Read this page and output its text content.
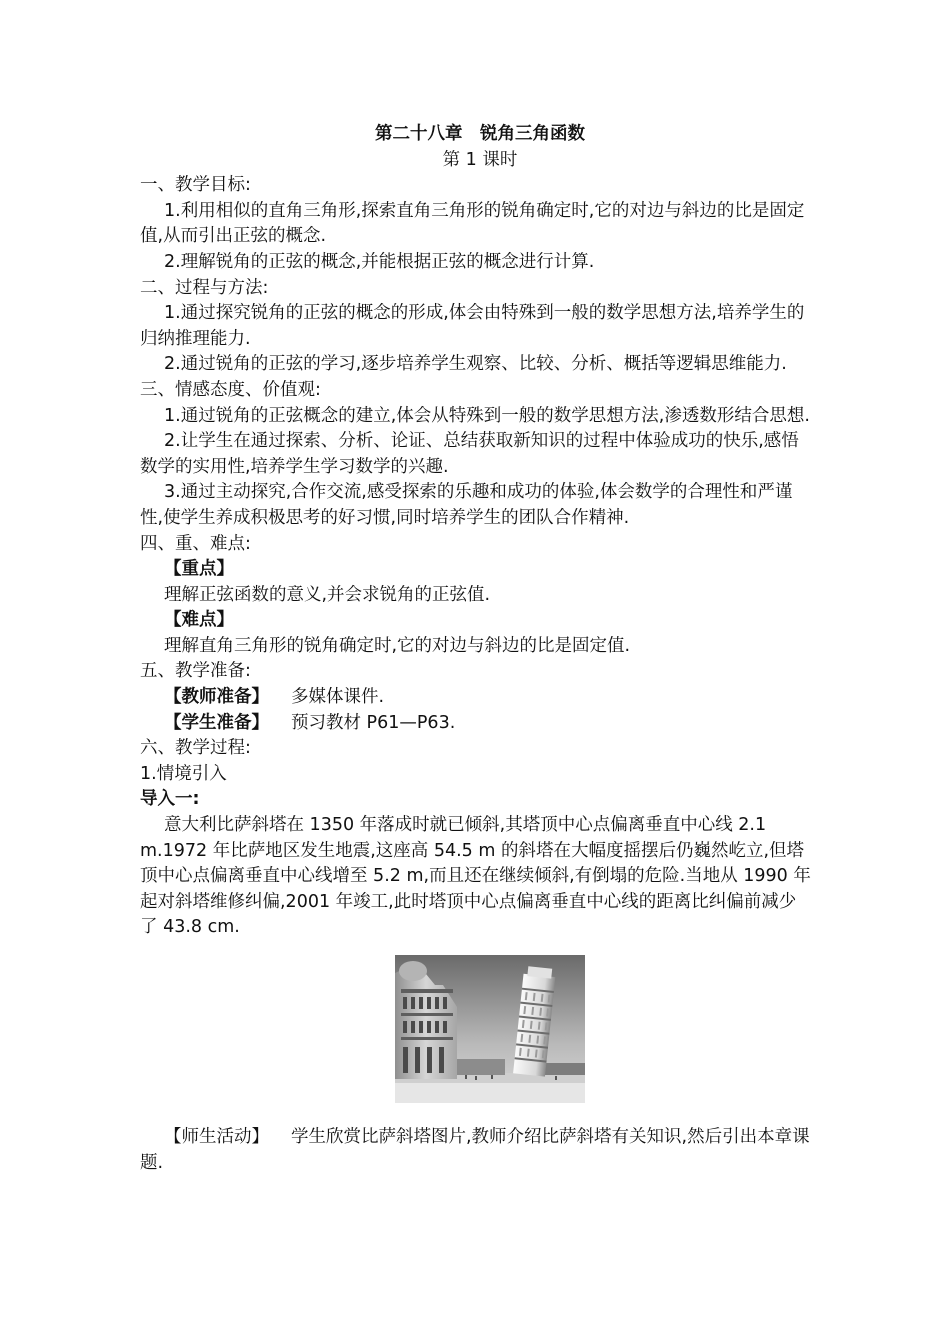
第二十八章　锐角三角函数
第 1 课时

一、教学目标:

1.利用相似的直角三角形,探索直角三角形的锐角确定时,它的对边与斜边的比是固定值,从而引出正弦的概念.

2.理解锐角的正弦的概念,并能根据正弦的概念进行计算.

二、过程与方法:

1.通过探究锐角的正弦的概念的形成,体会由特殊到一般的数学思想方法,培养学生的归纳推理能力.

2.通过锐角的正弦的学习,逐步培养学生观察、比较、分析、概括等逻辑思维能力.

三、情感态度、价值观:

1.通过锐角的正弦概念的建立,体会从特殊到一般的数学思想方法,渗透数形结合思想.

2.让学生在通过探索、分析、论证、总结获取新知识的过程中体验成功的快乐,感悟数学的实用性,培养学生学习数学的兴趣.

3.通过主动探究,合作交流,感受探索的乐趣和成功的体验,体会数学的合理性和严谨性,使学生养成积极思考的好习惯,同时培养学生的团队合作精神.

四、重、难点:

【重点】

理解正弦函数的意义,并会求锐角的正弦值.

【难点】

理解直角三角形的锐角确定时,它的对边与斜边的比是固定值.

五、教学准备:

【教师准备】 多媒体课件.

【学生准备】 预习教材 P61—P63.

六、教学过程:

1.情境引入

导入一:

意大利比萨斜塔在 1350 年落成时就已倾斜,其塔顶中心点偏离垂直中心线 2.1 m.1972 年比萨地区发生地震,这座高 54.5 m 的斜塔在大幅度摇摆后仍巍然屹立,但塔顶中心点偏离垂直中心线增至 5.2 m,而且还在继续倾斜,有倒塌的危险.当地从 1990 年起对斜塔维修纠偏,2001 年竣工,此时塔顶中心点偏离垂直中心线的距离比纠偏前减少了 43.8 cm.

【师生活动】 学生欣赏比萨斜塔图片,教师介绍比萨斜塔有关知识,然后引出本章课题.
